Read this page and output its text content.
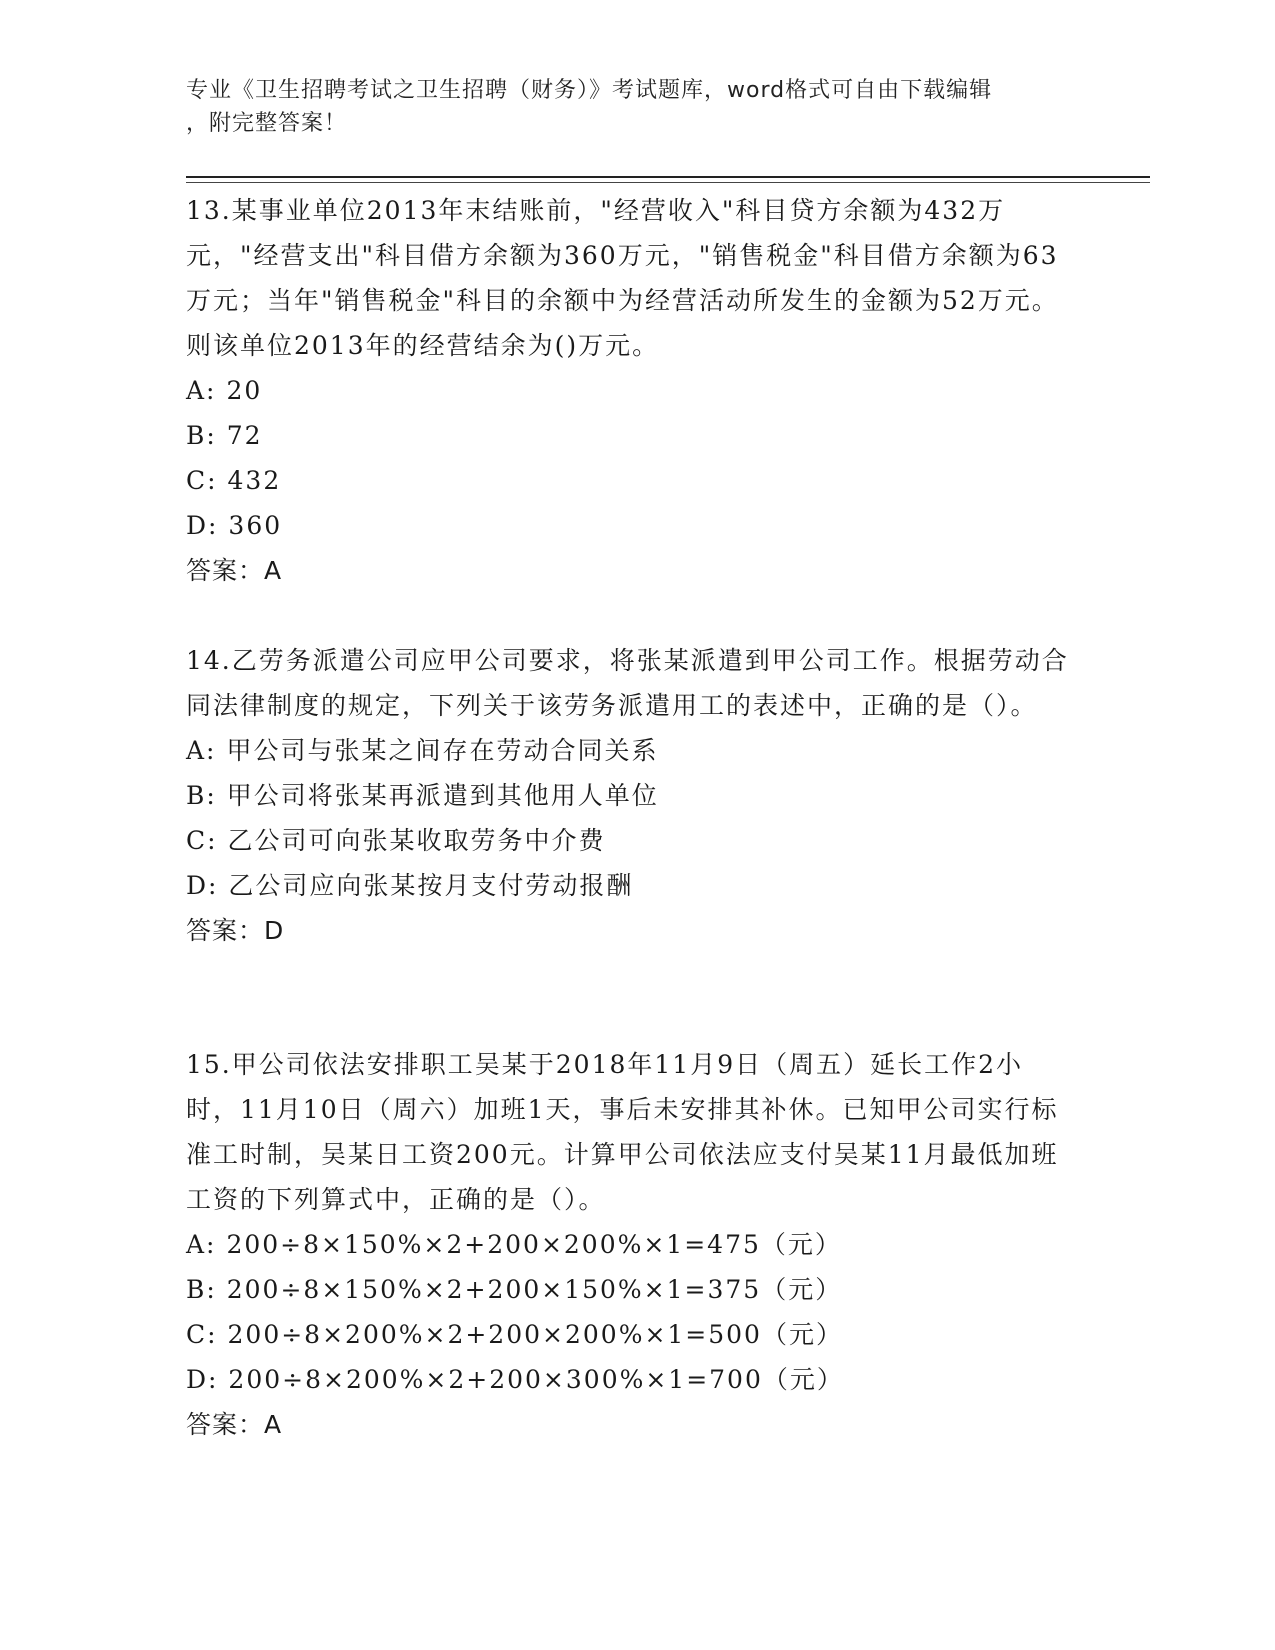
专业《卫生招聘考试之卫生招聘（财务）》考试题库，word格式可自由下载编辑
，附完整答案！

13.某事业单位2013年末结账前，"经营收入"科目贷方余额为432万元，"经营支出"科目借方余额为360万元，"销售税金"科目借方余额为63万元；当年"销售税金"科目的余额中为经营活动所发生的金额为52万元。则该单位2013年的经营结余为()万元。

A: 20
B: 72
C: 432
D: 360
答案：A

14.乙劳务派遣公司应甲公司要求，将张某派遣到甲公司工作。根据劳动合同法律制度的规定，下列关于该劳务派遣用工的表述中，正确的是（）。

A: 甲公司与张某之间存在劳动合同关系
B: 甲公司将张某再派遣到其他用人单位
C: 乙公司可向张某收取劳务中介费
D: 乙公司应向张某按月支付劳动报酬
答案：D

15.甲公司依法安排职工吴某于2018年11月9日（周五）延长工作2小时，11月10日（周六）加班1天，事后未安排其补休。已知甲公司实行标准工时制，吴某日工资200元。计算甲公司依法应支付吴某11月最低加班工资的下列算式中，正确的是（）。

A: 200÷8×150%×2+200×200%×1=475（元）
B: 200÷8×150%×2+200×150%×1=375（元）
C: 200÷8×200%×2+200×200%×1=500（元）
D: 200÷8×200%×2+200×300%×1=700（元）
答案：A
